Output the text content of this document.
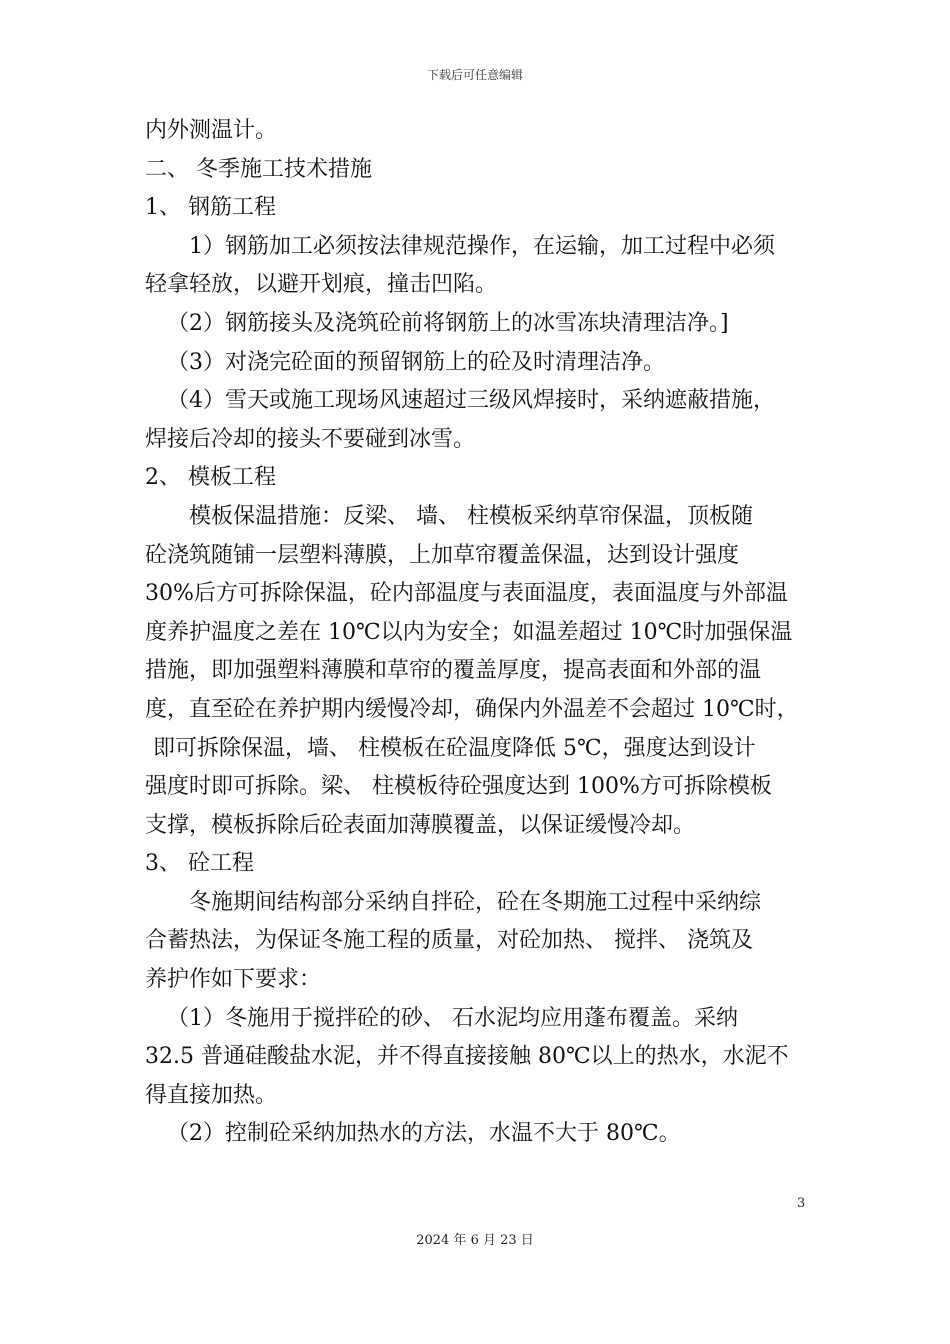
下载后可任意编辑
内外测温计。
二、 冬季施工技术措施
1、 钢筋工程
1）钢筋加工必须按法律规范操作，在运输，加工过程中必须
轻拿轻放，以避开划痕，撞击凹陷。
（2）钢筋接头及浇筑砼前将钢筋上的冰雪冻块清理洁净。]
（3）对浇完砼面的预留钢筋上的砼及时清理洁净。
（4）雪天或施工现场风速超过三级风焊接时，采纳遮蔽措施，
焊接后冷却的接头不要碰到冰雪。
2、 模板工程
模板保温措施：反梁、 墙、 柱模板采纳草帘保温，顶板随
砼浇筑随铺一层塑料薄膜，上加草帘覆盖保温，达到设计强度
30%后方可拆除保温，砼内部温度与表面温度，表面温度与外部温
度养护温度之差在 10℃以内为安全；如温差超过 10℃时加强保温
措施，即加强塑料薄膜和草帘的覆盖厚度，提高表面和外部的温
度，直至砼在养护期内缓慢冷却，确保内外温差不会超过 10℃时，
即可拆除保温，墙、 柱模板在砼温度降低 5℃，强度达到设计
强度时即可拆除。梁、 柱模板待砼强度达到 100%方可拆除模板
支撑，模板拆除后砼表面加薄膜覆盖，以保证缓慢冷却。
3、 砼工程
冬施期间结构部分采纳自拌砼，砼在冬期施工过程中采纳综
合蓄热法，为保证冬施工程的质量，对砼加热、 搅拌、 浇筑及
养护作如下要求：
（1）冬施用于搅拌砼的砂、 石水泥均应用蓬布覆盖。采纳
32.5 普通硅酸盐水泥，并不得直接接触 80℃以上的热水，水泥不
得直接加热。
（2）控制砼采纳加热水的方法，水温不大于 80℃。
3
2024 年 6 月 23 日
